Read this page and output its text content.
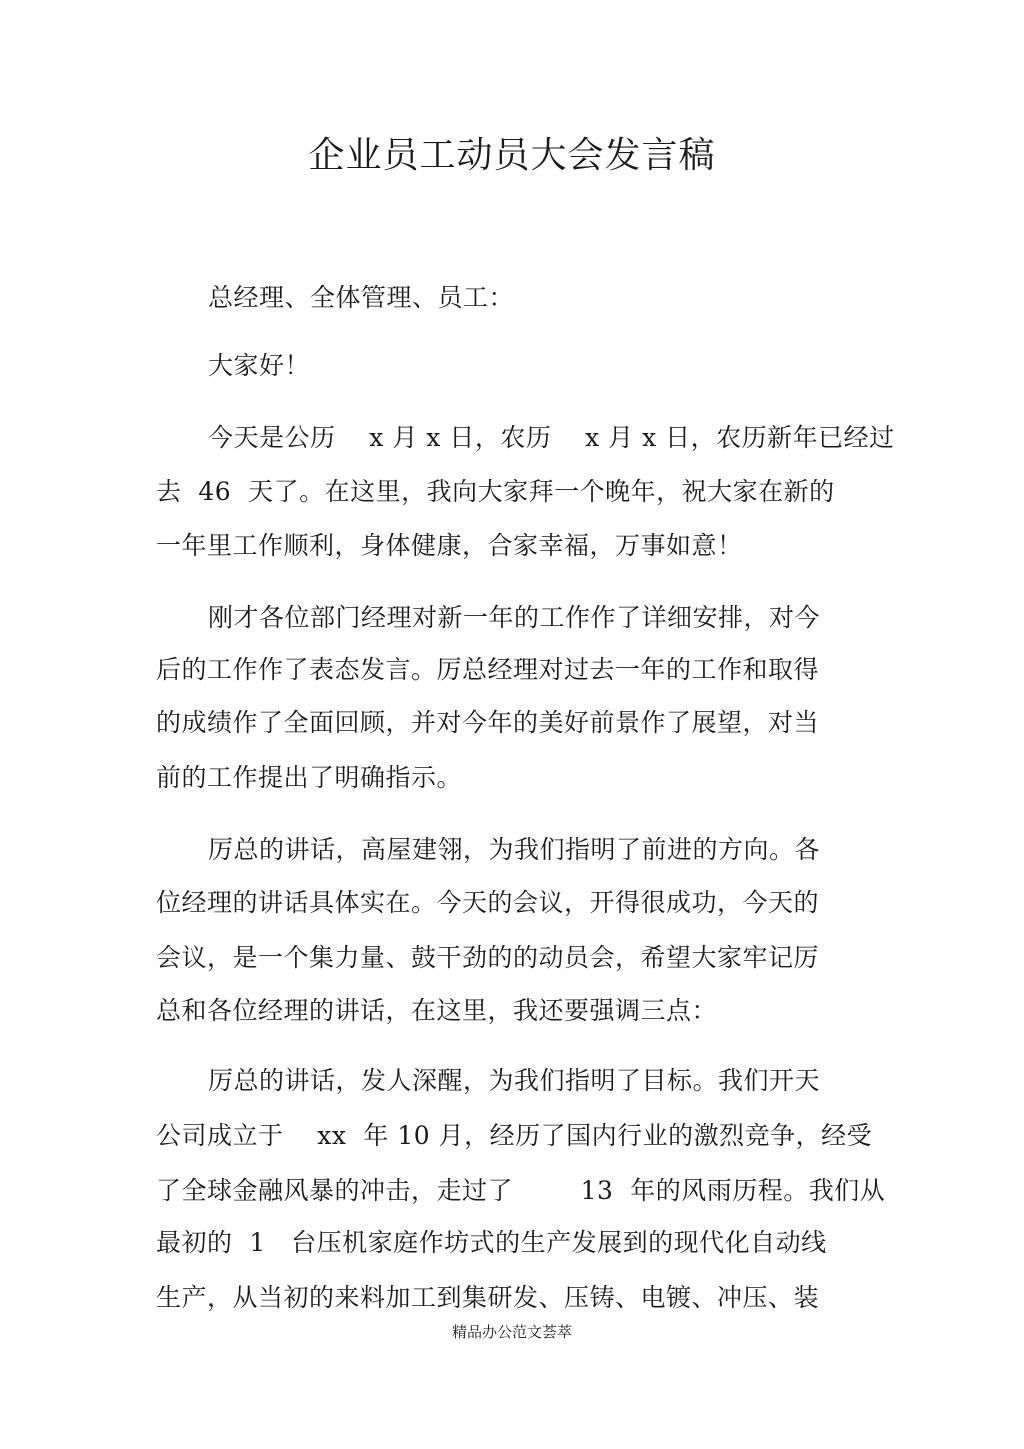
企业员工动员大会发言稿
总经理、全体管理、员工：
大家好！
今天是公历    x 月 x 日，农历    x 月 x 日，农历新年已经过
去  46  天了。在这里，我向大家拜一个晚年，祝大家在新的
一年里工作顺利，身体健康，合家幸福，万事如意！
刚才各位部门经理对新一年的工作作了详细安排，对今
后的工作作了表态发言。厉总经理对过去一年的工作和取得
的成绩作了全面回顾，并对今年的美好前景作了展望，对当
前的工作提出了明确指示。
厉总的讲话，高屋建翎，为我们指明了前进的方向。各
位经理的讲话具体实在。今天的会议，开得很成功，今天的
会议，是一个集力量、鼓干劲的的动员会，希望大家牢记厉
总和各位经理的讲话，在这里，我还要强调三点：
厉总的讲话，发人深醒，为我们指明了目标。我们开天
公司成立于    xx  年 10 月，经历了国内行业的激烈竞争，经受
了全球金融风暴的冲击，走过了        13  年的风雨历程。我们从
最初的  1   台压机家庭作坊式的生产发展到的现代化自动线
生产，从当初的来料加工到集研发、压铸、电镀、冲压、装
精品办公范文荟萃
